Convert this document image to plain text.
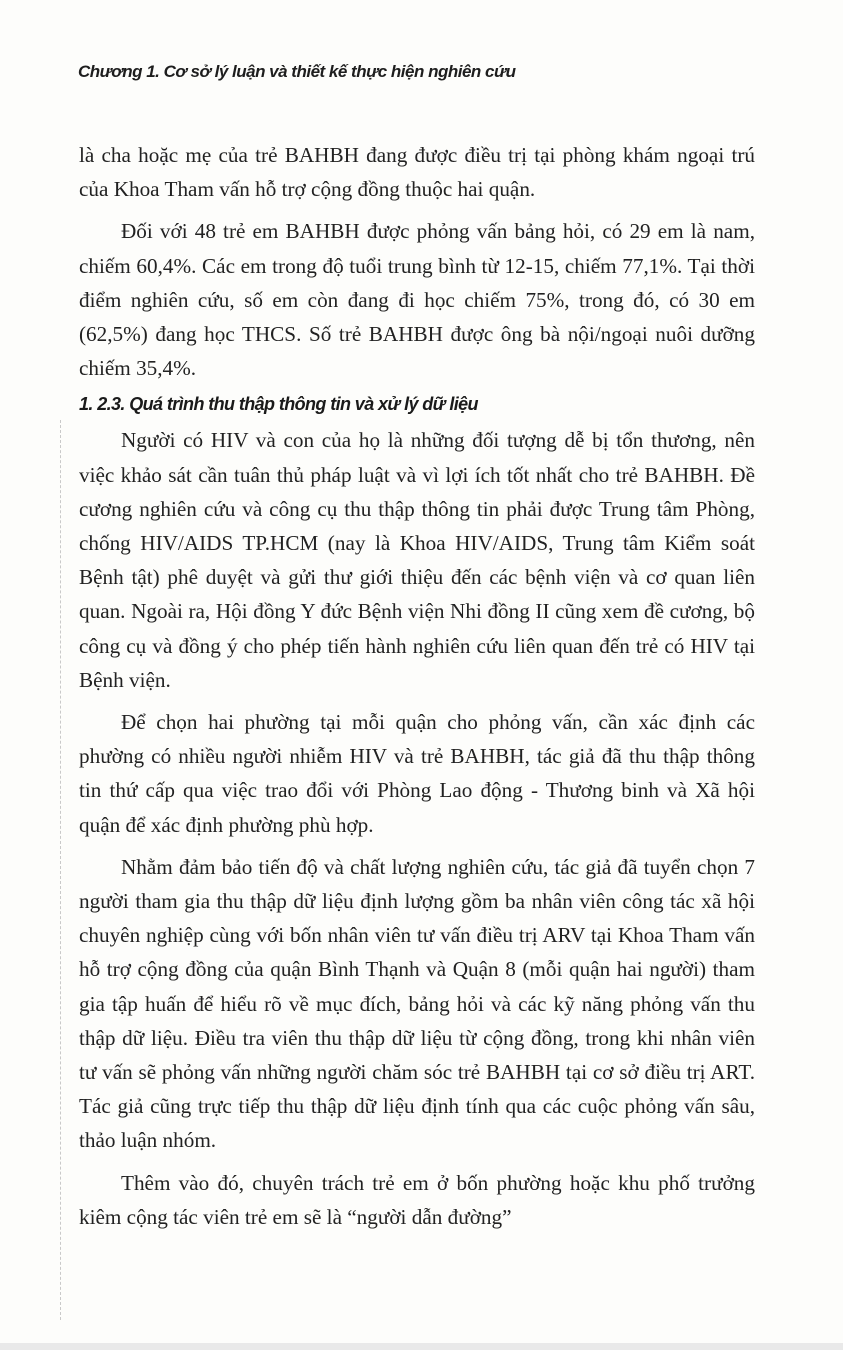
Chương 1. Cơ sở lý luận và thiết kế thực hiện nghiên cứu

là cha hoặc mẹ của trẻ BAHBH đang được điều trị tại phòng khám ngoại trú của Khoa Tham vấn hỗ trợ cộng đồng thuộc hai quận.

Đối với 48 trẻ em BAHBH được phỏng vấn bảng hỏi, có 29 em là nam, chiếm 60,4%. Các em trong độ tuổi trung bình từ 12-15, chiếm 77,1%. Tại thời điểm nghiên cứu, số em còn đang đi học chiếm 75%, trong đó, có 30 em (62,5%) đang học THCS. Số trẻ BAHBH được ông bà nội/ngoại nuôi dưỡng chiếm 35,4%.

1. 2.3. Quá trình thu thập thông tin và xử lý dữ liệu

Người có HIV và con của họ là những đối tượng dễ bị tổn thương, nên việc khảo sát cần tuân thủ pháp luật và vì lợi ích tốt nhất cho trẻ BAHBH. Đề cương nghiên cứu và công cụ thu thập thông tin phải được Trung tâm Phòng, chống HIV/AIDS TP.HCM (nay là Khoa HIV/AIDS, Trung tâm Kiểm soát Bệnh tật) phê duyệt và gửi thư giới thiệu đến các bệnh viện và cơ quan liên quan. Ngoài ra, Hội đồng Y đức Bệnh viện Nhi đồng II cũng xem đề cương, bộ công cụ và đồng ý cho phép tiến hành nghiên cứu liên quan đến trẻ có HIV tại Bệnh viện.

Để chọn hai phường tại mỗi quận cho phỏng vấn, cần xác định các phường có nhiều người nhiễm HIV và trẻ BAHBH, tác giả đã thu thập thông tin thứ cấp qua việc trao đổi với Phòng Lao động - Thương binh và Xã hội quận để xác định phường phù hợp.

Nhằm đảm bảo tiến độ và chất lượng nghiên cứu, tác giả đã tuyển chọn 7 người tham gia thu thập dữ liệu định lượng gồm ba nhân viên công tác xã hội chuyên nghiệp cùng với bốn nhân viên tư vấn điều trị ARV tại Khoa Tham vấn hỗ trợ cộng đồng của quận Bình Thạnh và Quận 8 (mỗi quận hai người) tham gia tập huấn để hiểu rõ về mục đích, bảng hỏi và các kỹ năng phỏng vấn thu thập dữ liệu. Điều tra viên thu thập dữ liệu từ cộng đồng, trong khi nhân viên tư vấn sẽ phỏng vấn những người chăm sóc trẻ BAHBH tại cơ sở điều trị ART. Tác giả cũng trực tiếp thu thập dữ liệu định tính qua các cuộc phỏng vấn sâu, thảo luận nhóm.

Thêm vào đó, chuyên trách trẻ em ở bốn phường hoặc khu phố trưởng kiêm cộng tác viên trẻ em sẽ là “người dẫn đường”
